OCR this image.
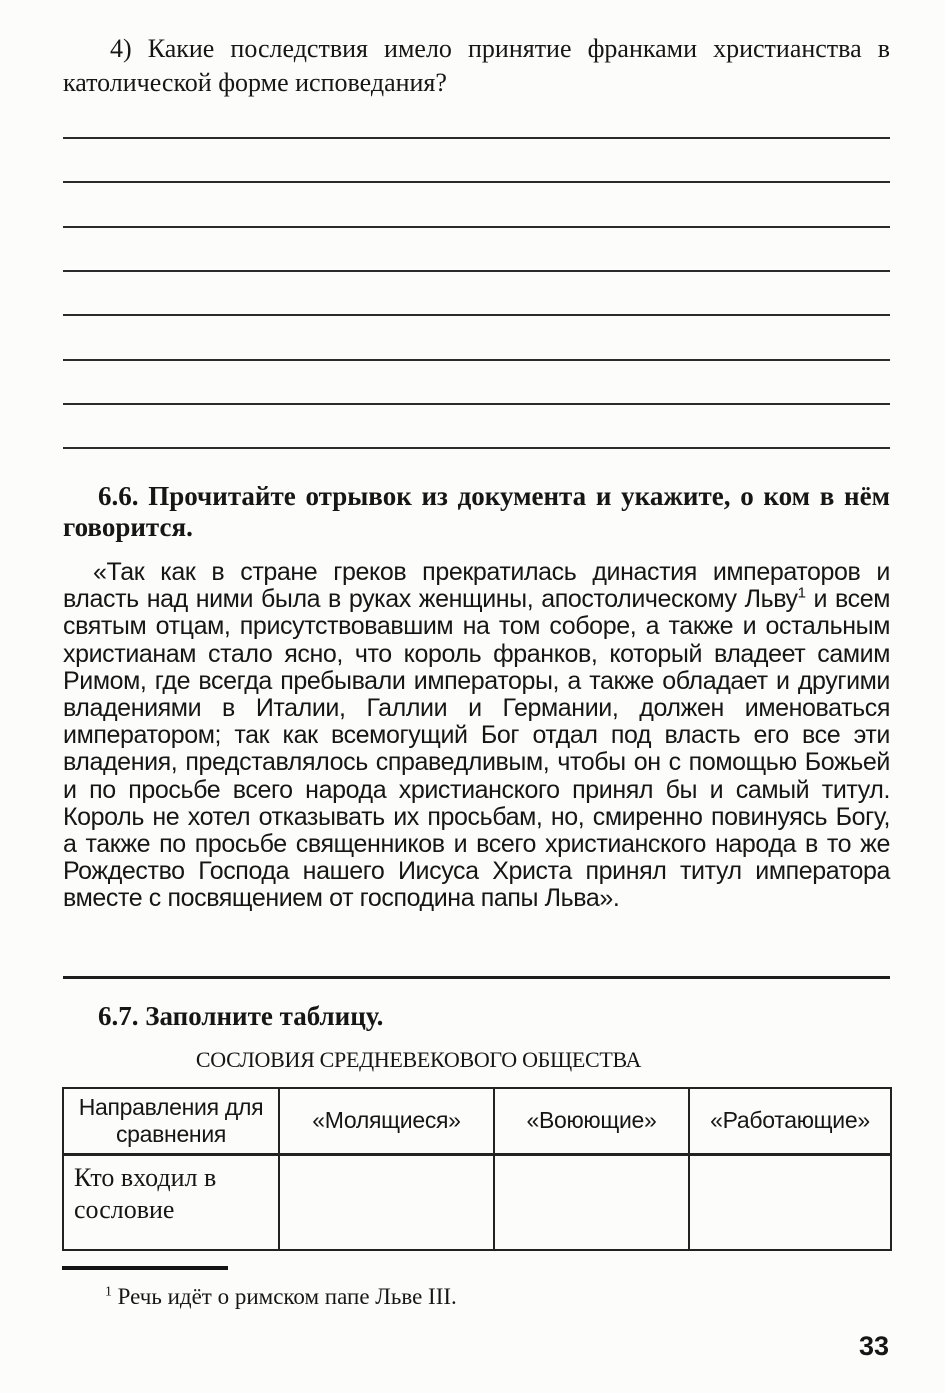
4) Какие последствия имело принятие франками христианства в католической форме исповедания?
6.6. Прочитайте отрывок из документа и укажите, о ком в нём говорится.

«Так как в стране греков прекратилась династия императоров и власть над ними была в руках женщины, апостолическому Льву$^1$ и всем святым отцам, присутствовавшим на том соборе, а также и остальным христианам стало ясно, что король франков, который владеет самим Римом, где всегда пребывали императоры, а также обладает и другими владениями в Италии, Галлии и Германии, должен именоваться императором; так как всемогущий Бог отдал под власть его все эти владения, представлялось справедливым, чтобы он с помощью Божьей и по просьбе всего народа христианского принял бы и самый титул. Король не хотел отказывать их просьбам, но, смиренно повинуясь Богу, а также по просьбе священников и всего христианского народа в то же Рождество Господа нашего Иисуса Христа принял титул императора вместе с посвящением от господина папы Льва».

6.7. Заполните таблицу.
СОСЛОВИЯ СРЕДНЕВЕКОВОГО ОБЩЕСТВА
Направления для сравнения	«Молящиеся»	«Воюющие»	«Работающие»
Кто входил в сословие			
$^1$ Речь идёт о римском папе Льве III.
33
